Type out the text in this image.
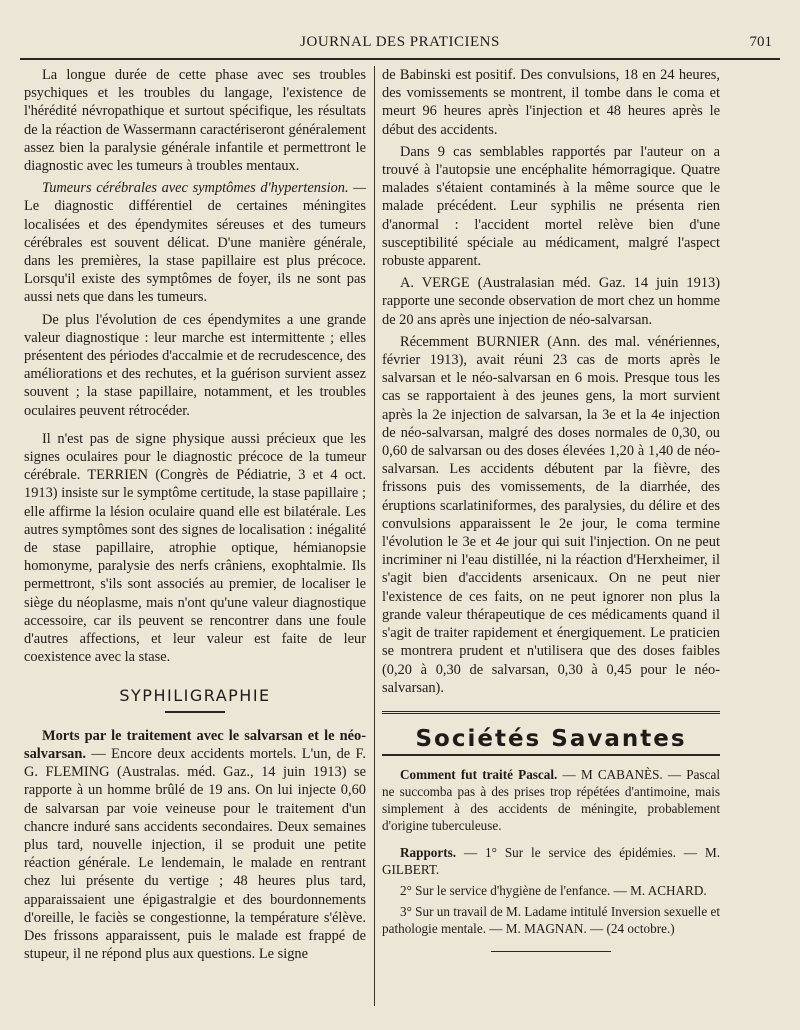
JOURNAL DES PRATICIENS	701

La longue durée de cette phase avec ses troubles psychiques et les troubles du langage, l'existence de l'hérédité névropathique et surtout spécifique, les résultats de la réaction de Wassermann caractériseront généralement assez bien la paralysie générale infantile et permettront le diagnostic avec les tumeurs à troubles mentaux.

Tumeurs cérébrales avec symptômes d'hypertension. — Le diagnostic différentiel de certaines méningites localisées et des épendymites séreuses et des tumeurs cérébrales est souvent délicat. D'une manière générale, dans les premières, la stase papillaire est plus précoce. Lorsqu'il existe des symptômes de foyer, ils ne sont pas aussi nets que dans les tumeurs.

De plus l'évolution de ces épendymites a une grande valeur diagnostique : leur marche est intermittente ; elles présentent des périodes d'accalmie et de recrudescence, des améliorations et des rechutes, et la guérison survient assez souvent ; la stase papillaire, notamment, et les troubles oculaires peuvent rétrocéder.

Il n'est pas de signe physique aussi précieux que les signes oculaires pour le diagnostic précoce de la tumeur cérébrale. TERRIEN (Congrès de Pédiatrie, 3 et 4 oct. 1913) insiste sur le symptôme certitude, la stase papillaire ; elle affirme la lésion oculaire quand elle est bilatérale. Les autres symptômes sont des signes de localisation : inégalité de stase papillaire, atrophie optique, hémianopsie homonyme, paralysie des nerfs crâniens, exophtalmie. Ils permettront, s'ils sont associés au premier, de localiser le siège du néoplasme, mais n'ont qu'une valeur diagnostique accessoire, car ils peuvent se rencontrer dans une foule d'autres affections, et leur valeur est faite de leur coexistence avec la stase.

SYPHILIGRAPHIE

Morts par le traitement avec le salvarsan et le néo-salvarsan. — Encore deux accidents mortels. L'un, de F. G. FLEMING (Australas. méd. Gaz., 14 juin 1913) se rapporte à un homme brûlé de 19 ans. On lui injecte 0,60 de salvarsan par voie veineuse pour le traitement d'un chancre induré sans accidents secondaires. Deux semaines plus tard, nouvelle injection, il se produit une petite réaction générale. Le lendemain, le malade en rentrant chez lui présente du vertige ; 48 heures plus tard, apparaissaient une épigastralgie et des bourdonnements d'oreille, le faciès se congestionne, la température s'élève. Des frissons apparaissent, puis le malade est frappé de stupeur, il ne répond plus aux questions. Le signe

de Babinski est positif. Des convulsions, 18 en 24 heures, des vomissements se montrent, il tombe dans le coma et meurt 96 heures après l'injection et 48 heures après le début des accidents.

Dans 9 cas semblables rapportés par l'auteur on a trouvé à l'autopsie une encéphalite hémorragique. Quatre malades s'étaient contaminés à la même source que le malade précédent. Leur syphilis ne présenta rien d'anormal : l'accident mortel relève bien d'une susceptibilité spéciale au médicament, malgré l'aspect robuste apparent.

A. VERGE (Australasian méd. Gaz. 14 juin 1913) rapporte une seconde observation de mort chez un homme de 20 ans après une injection de néo-salvarsan.

Récemment BURNIER (Ann. des mal. vénériennes, février 1913), avait réuni 23 cas de morts après le salvarsan et le néo-salvarsan en 6 mois. Presque tous les cas se rapportaient à des jeunes gens, la mort survient après la 2e injection de salvarsan, la 3e et la 4e injection de néo-salvarsan, malgré des doses normales de 0,30, ou 0,60 de salvarsan ou des doses élevées 1,20 à 1,40 de néo-salvarsan. Les accidents débutent par la fièvre, des frissons puis des vomissements, de la diarrhée, des éruptions scarlatiniformes, des paralysies, du délire et des convulsions apparaissent le 2e jour, le coma termine l'évolution le 3e et 4e jour qui suit l'injection. On ne peut incriminer ni l'eau distillée, ni la réaction d'Herxheimer, il s'agit bien d'accidents arsenicaux. On ne peut nier l'existence de ces faits, on ne peut ignorer non plus la grande valeur thérapeutique de ces médicaments quand il s'agit de traiter rapidement et énergiquement. Le praticien se montrera prudent et n'utilisera que des doses faibles (0,20 à 0,30 de salvarsan, 0,30 à 0,45 pour le néo-salvarsan).

Sociétés Savantes

Comment fut traité Pascal. — M CABANÈS. — Pascal ne succomba pas à des prises trop répétées d'antimoine, mais simplement à des accidents de méningite, probablement d'origine tuberculeuse.

Rapports. — 1° Sur le service des épidémies. — M. GILBERT.

2° Sur le service d'hygiène de l'enfance. — M. ACHARD.

3° Sur un travail de M. Ladame intitulé Inversion sexuelle et pathologie mentale. — M. MAGNAN. — (24 octobre.)
